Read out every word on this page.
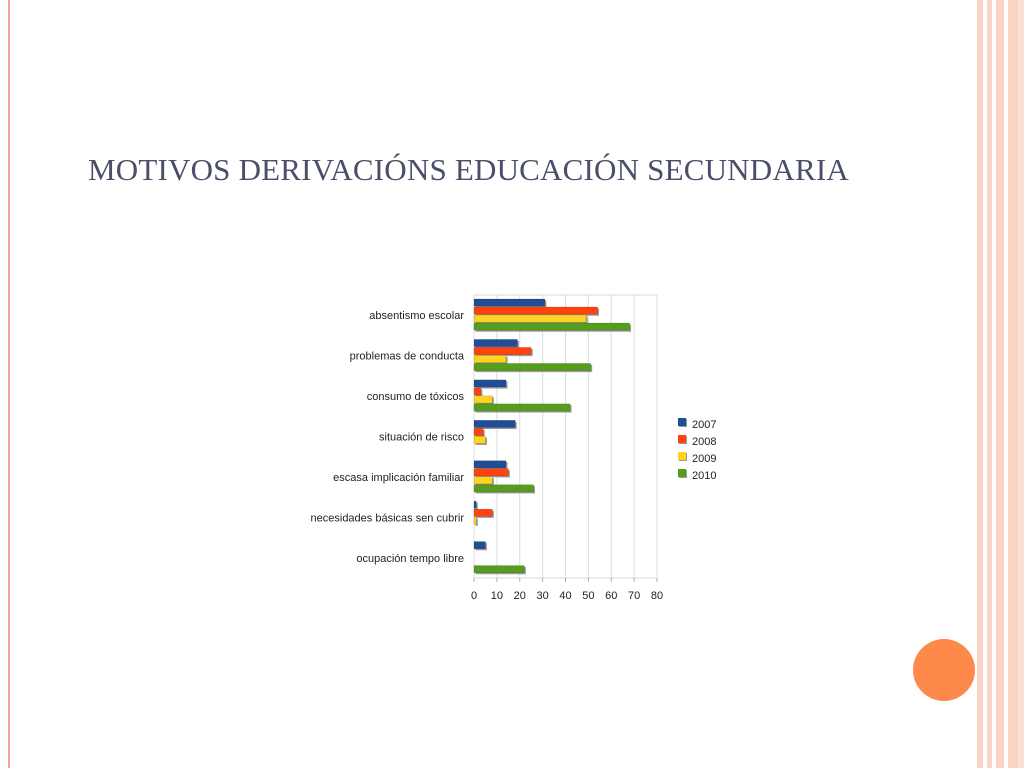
MOTIVOS DERIVACIÓNS EDUCACIÓN SECUNDARIA
0 10 20 30 40 50 60 70 80
absentismo escolar
problemas de conducta
consumo de tóxicos
situación de risco
escasa implicación familiar
necesidades básicas sen cubrir
ocupación tempo libre
2007
2008
2009
2010
